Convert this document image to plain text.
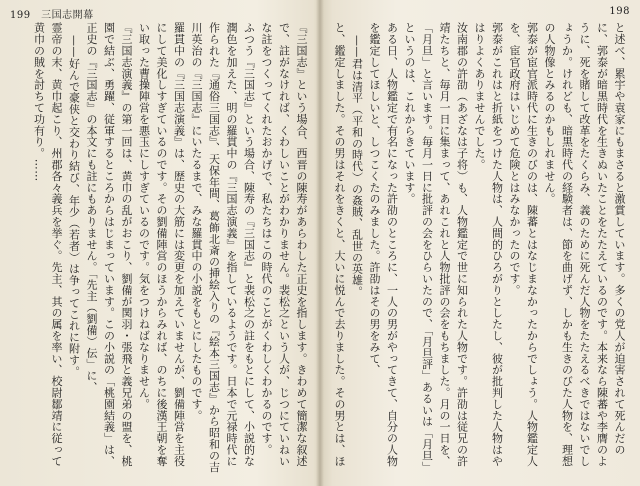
199　三国志開幕	198

と述べ、累宇や袁家にもまさると激賞しています。多くの党人が迫害されて死んだのに、郭泰が暗黒時代を生きぬいたことをたたえているのです。本来なら陳蕃や李膺のように、死を賭して改革をたくらみ、義のために死んだ人物をたたえるべきではないでしょうか。けれども、暗黒時代の経験者は、節を曲げず、しかも生きのびた人物を、理想の人物像とみるのかもしれません。

郭泰が宦官派時代に生きのびのは、陳蕃とはなじまなかったからでしょう。人物鑑定人を、宦官政府はいじめて危険とはみなかったのです。

郭泰がこれはと折紙をつけた人物は、人間的ひろがりとしたし、彼が批判した人物はやはりよくありませんでした。

汝南郡の許劭（あざなは子将）も、人物鑑定で世に知られた人物です。許劭は従兄の許靖たちと、毎月一日に集まって、あれこれと人物批評の会をもちました。月の一日を、「月旦」と言います。毎月一日に批評の会をひらいたので、「月旦評」あるいは「月旦」というのは、これからきています。

ある日、人物鑑定で有名になった許劭のところに、一人の男がやってきて、自分の人物を鑑定してほしいと、しつこくたのみました。許劭はその男をみて、

——君は清平（平和の時代）の姦賊、乱世の英雄。

と、鑑定しました。その男はそれをきくと、大いに悦んで去りました。その男とは、ほ

『三国志』という場合、西晋の陳寿があらわした正史を指します。きわめて簡潔な叙述で、註がなければ、くわしいことがわかりません。裴松之という人が、じつにていねいな註をつくってくれたおかげで、私たちはこの時代のことがくわしくわかるのです。

ふつう『三国志』という場合、陳寿の『三国志』と裴松之の註をもとにして、小説的な潤色を加えた、明の羅貫中の『三国志演義』を指しているようです。日本で元禄時代に作られた『通俗三国志』、天保年間、葛飾北斎の挿絵入りの『絵本三国志』から昭和の吉川英治の『三国志』にいたるまで、みな羅貫中の小説をもとにしたものです。

羅貫中の『三国志演義』は、歴史の大筋には変更を加えていませんが、劉備陣営を主役にして美化しすぎているのです。その劉備陣営のほうからみれば、のちに後漢王朝を奪い取った曹操陣営を悪玉にしすぎているのです。気をつけねばなりません。

『三国志演義』の第一回は、黄巾の乱がおこり、劉備が関羽・張飛と義兄弟の盟を、桃園で結ぶ、勇躍、従軍するところからはじまっています。この小説の「桃園結義」は、正史の『三国志』の本文にも註にもありません。「先主（劉備）伝」に、

——好んで豪侠と交わり結び、年少（若者）は争ってこれに附す。

霊帝の末、黄巾起こり、州郡各々義兵を挙ぐ。先主、其の属を率い、校尉鄒靖に従って黄巾の賊を討ちて功有り。……
